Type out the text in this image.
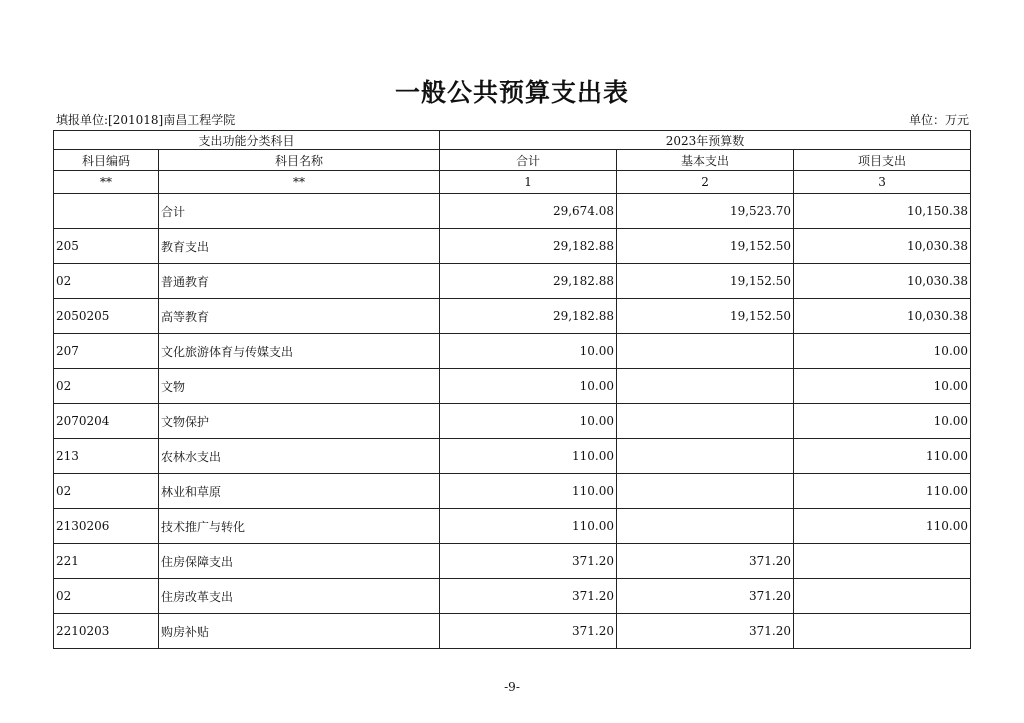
一般公共预算支出表
填报单位:[201018]南昌工程学院	单位：万元
支出功能分类科目		2023年预算数		
科目编码	科目名称	合计	基本支出	项目支出
**	**	1	2	3
	合计	29,674.08	19,523.70	10,150.38
205	教育支出	29,182.88	19,152.50	10,030.38
02	普通教育	29,182.88	19,152.50	10,030.38
2050205	高等教育	29,182.88	19,152.50	10,030.38
207	文化旅游体育与传媒支出	10.00		10.00
02	文物	10.00		10.00
2070204	文物保护	10.00		10.00
213	农林水支出	110.00		110.00
02	林业和草原	110.00		110.00
2130206	技术推广与转化	110.00		110.00
221	住房保障支出	371.20	371.20	
02	住房改革支出	371.20	371.20	
2210203	购房补贴	371.20	371.20	
-9-
